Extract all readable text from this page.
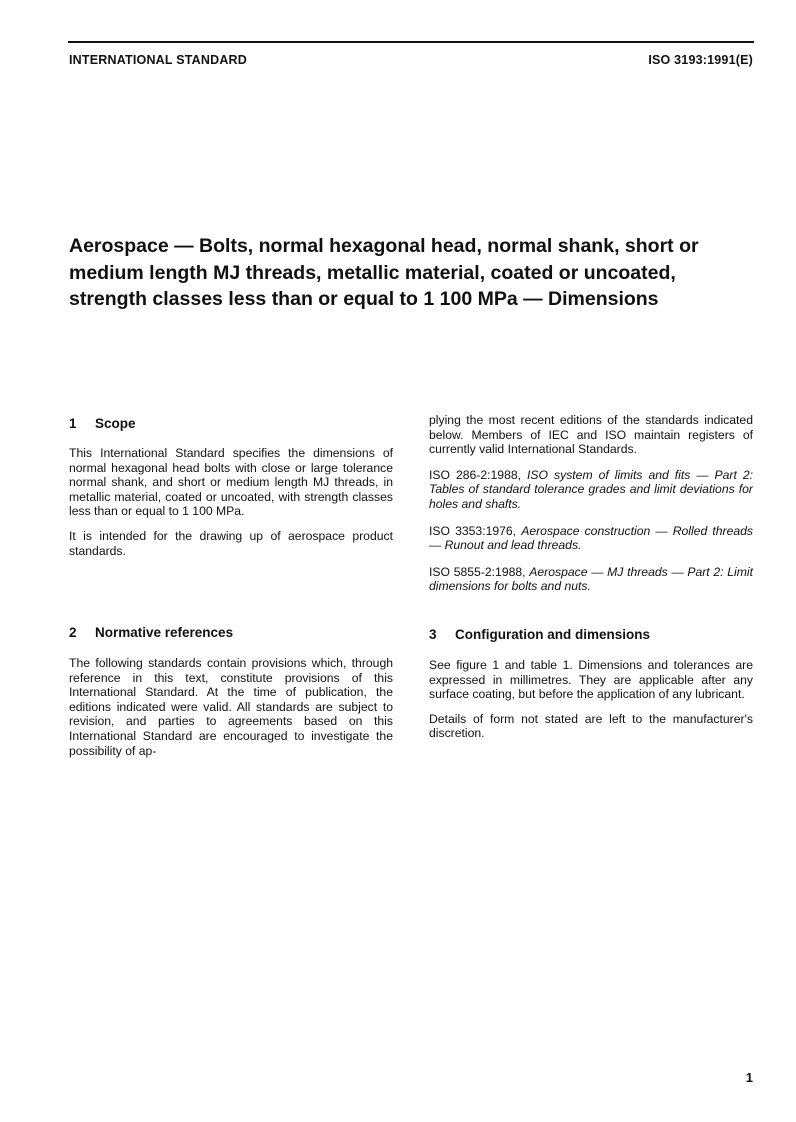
INTERNATIONAL STANDARD	ISO 3193:1991(E)
Aerospace — Bolts, normal hexagonal head, normal shank, short or medium length MJ threads, metallic material, coated or uncoated, strength classes less than or equal to 1 100 MPa — Dimensions
1 Scope

This International Standard specifies the dimensions of normal hexagonal head bolts with close or large tolerance normal shank, and short or medium length MJ threads, in metallic material, coated or uncoated, with strength classes less than or equal to 1 100 MPa.

It is intended for the drawing up of aerospace product standards.

2 Normative references

The following standards contain provisions which, through reference in this text, constitute provisions of this International Standard. At the time of publication, the editions indicated were valid. All standards are subject to revision, and parties to agreements based on this International Standard are encouraged to investigate the possibility of ap-

plying the most recent editions of the standards indicated below. Members of IEC and ISO maintain registers of currently valid International Standards.

ISO 286-2:1988, ISO system of limits and fits — Part 2: Tables of standard tolerance grades and limit deviations for holes and shafts.

ISO 3353:1976, Aerospace construction — Rolled threads — Runout and lead threads.

ISO 5855-2:1988, Aerospace — MJ threads — Part 2: Limit dimensions for bolts and nuts.

3 Configuration and dimensions

See figure 1 and table 1. Dimensions and tolerances are expressed in millimetres. They are applicable after any surface coating, but before the application of any lubricant.

Details of form not stated are left to the manufacturer's discretion.

1
